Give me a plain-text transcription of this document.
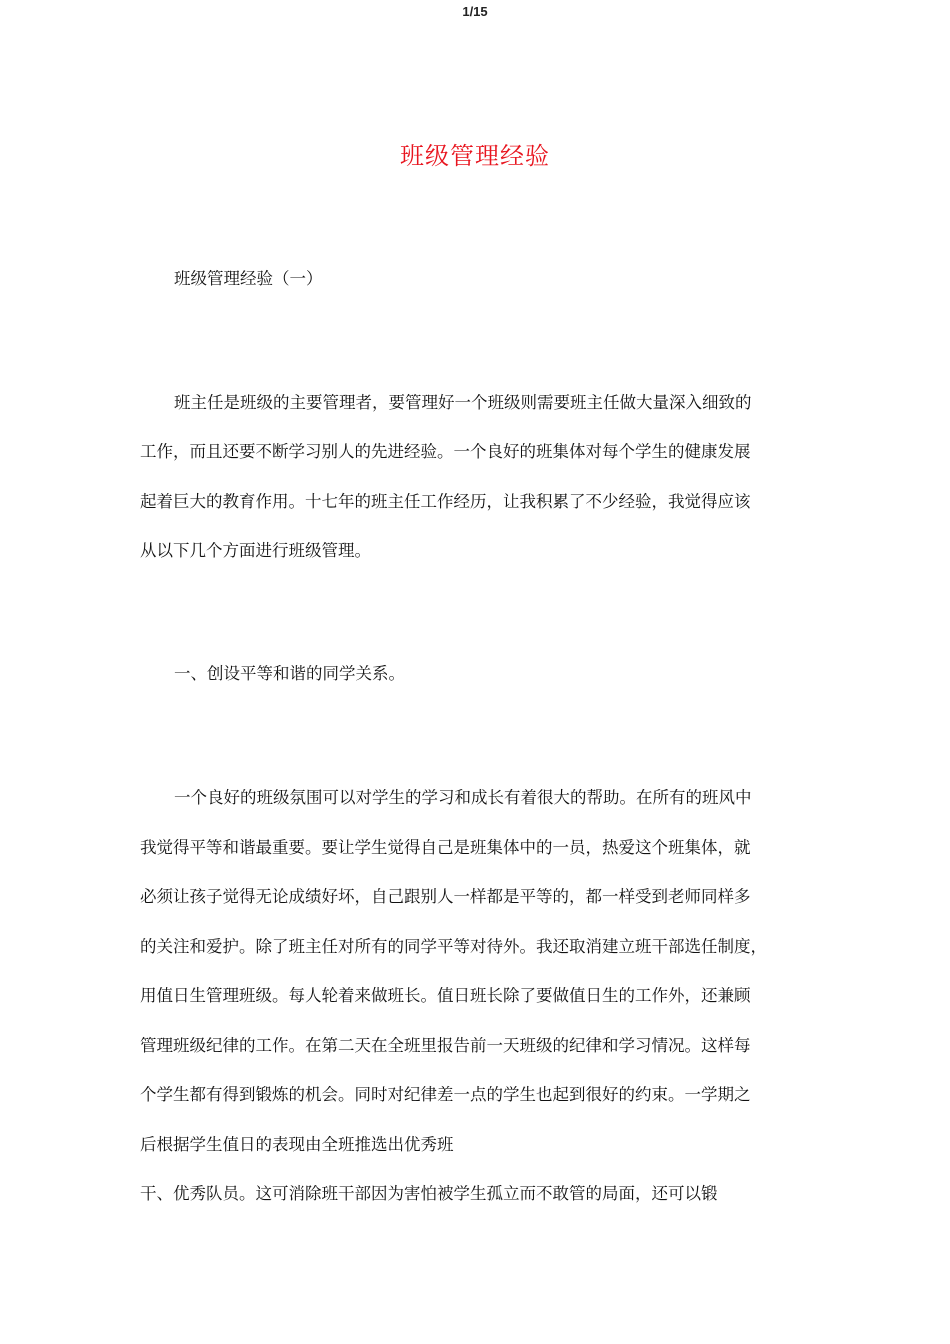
1/15
班级管理经验
班级管理经验（一）
班主任是班级的主要管理者，要管理好一个班级则需要班主任做大量深入细致的
工作，而且还要不断学习别人的先进经验。一个良好的班集体对每个学生的健康发展
起着巨大的教育作用。十七年的班主任工作经历，让我积累了不少经验，我觉得应该
从以下几个方面进行班级管理。
一、创设平等和谐的同学关系。
一个良好的班级氛围可以对学生的学习和成长有着很大的帮助。在所有的班风中
我觉得平等和谐最重要。要让学生觉得自己是班集体中的一员，热爱这个班集体，就
必须让孩子觉得无论成绩好坏，自己跟别人一样都是平等的，都一样受到老师同样多
的关注和爱护。除了班主任对所有的同学平等对待外。我还取消建立班干部选任制度，
用值日生管理班级。每人轮着来做班长。值日班长除了要做值日生的工作外，还兼顾
管理班级纪律的工作。在第二天在全班里报告前一天班级的纪律和学习情况。这样每
个学生都有得到锻炼的机会。同时对纪律差一点的学生也起到很好的约束。一学期之
后根据学生值日的表现由全班推选出优秀班
干、优秀队员。这可消除班干部因为害怕被学生孤立而不敢管的局面，还可以锻
